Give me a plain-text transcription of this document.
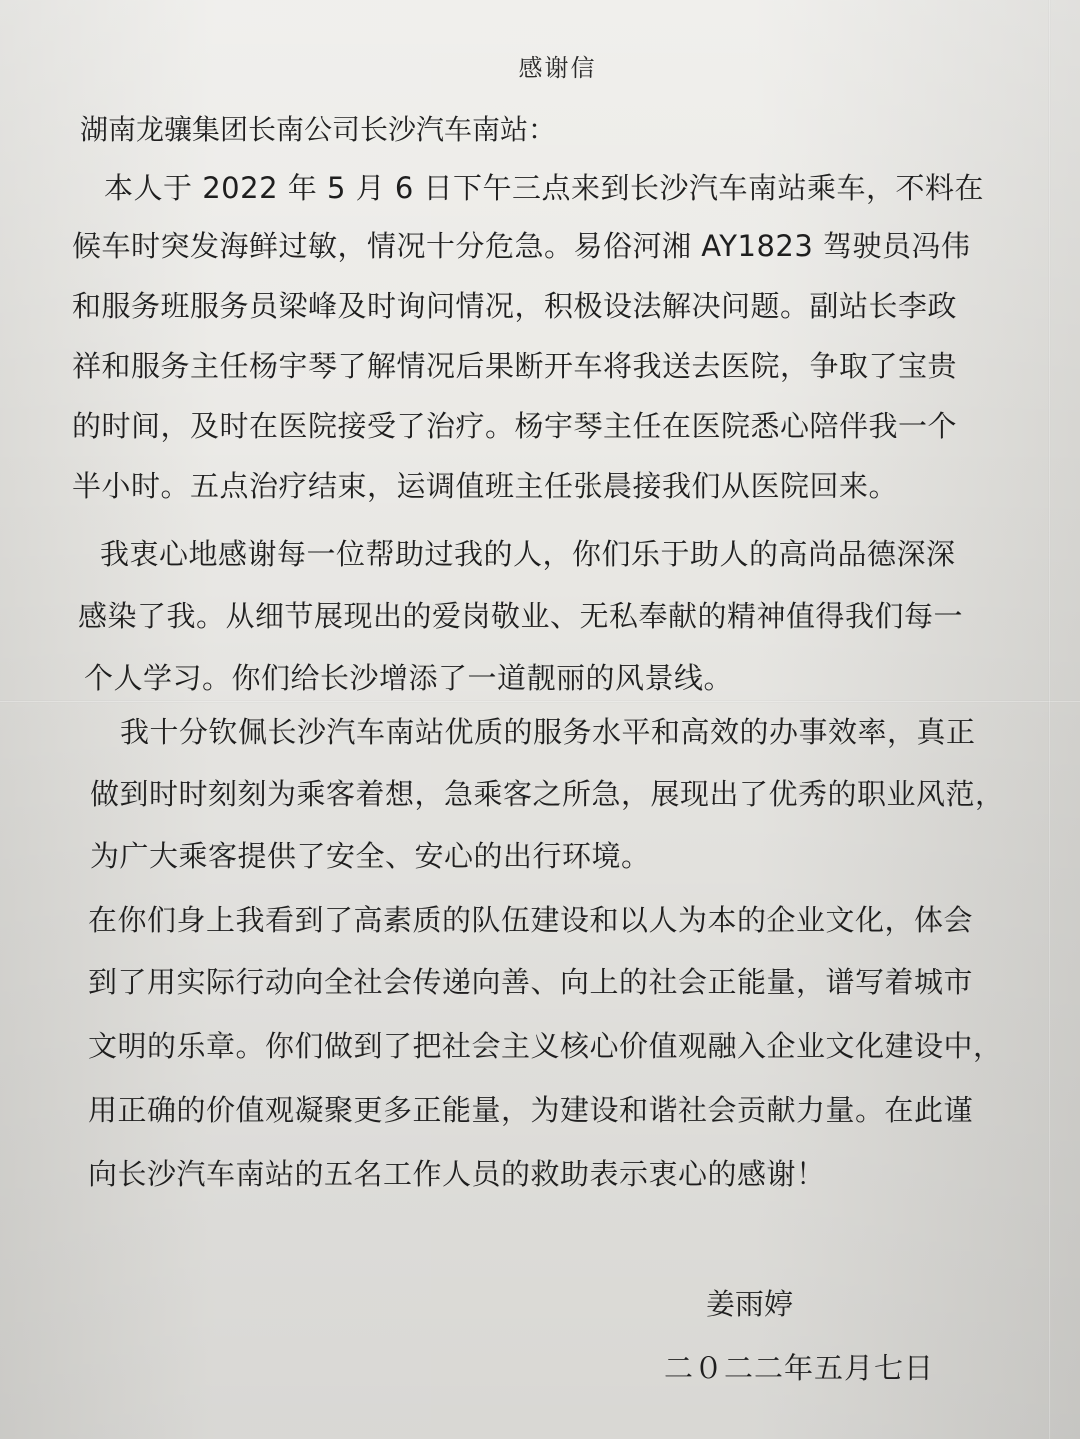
感谢信
湖南龙骧集团长南公司长沙汽车南站：
本人于 2022 年 5 月 6 日下午三点来到长沙汽车南站乘车，不料在
候车时突发海鲜过敏，情况十分危急。易俗河湘 AY1823 驾驶员冯伟
和服务班服务员梁峰及时询问情况，积极设法解决问题。副站长李政
祥和服务主任杨宇琴了解情况后果断开车将我送去医院，争取了宝贵
的时间，及时在医院接受了治疗。杨宇琴主任在医院悉心陪伴我一个
半小时。五点治疗结束，运调值班主任张晨接我们从医院回来。
我衷心地感谢每一位帮助过我的人，你们乐于助人的高尚品德深深
感染了我。从细节展现出的爱岗敬业、无私奉献的精神值得我们每一
个人学习。你们给长沙增添了一道靓丽的风景线。
我十分钦佩长沙汽车南站优质的服务水平和高效的办事效率，真正
做到时时刻刻为乘客着想，急乘客之所急，展现出了优秀的职业风范，
为广大乘客提供了安全、安心的出行环境。
在你们身上我看到了高素质的队伍建设和以人为本的企业文化，体会
到了用实际行动向全社会传递向善、向上的社会正能量，谱写着城市
文明的乐章。你们做到了把社会主义核心价值观融入企业文化建设中，
用正确的价值观凝聚更多正能量，为建设和谐社会贡献力量。在此谨
向长沙汽车南站的五名工作人员的救助表示衷心的感谢！
姜雨婷
二０二二年五月七日
